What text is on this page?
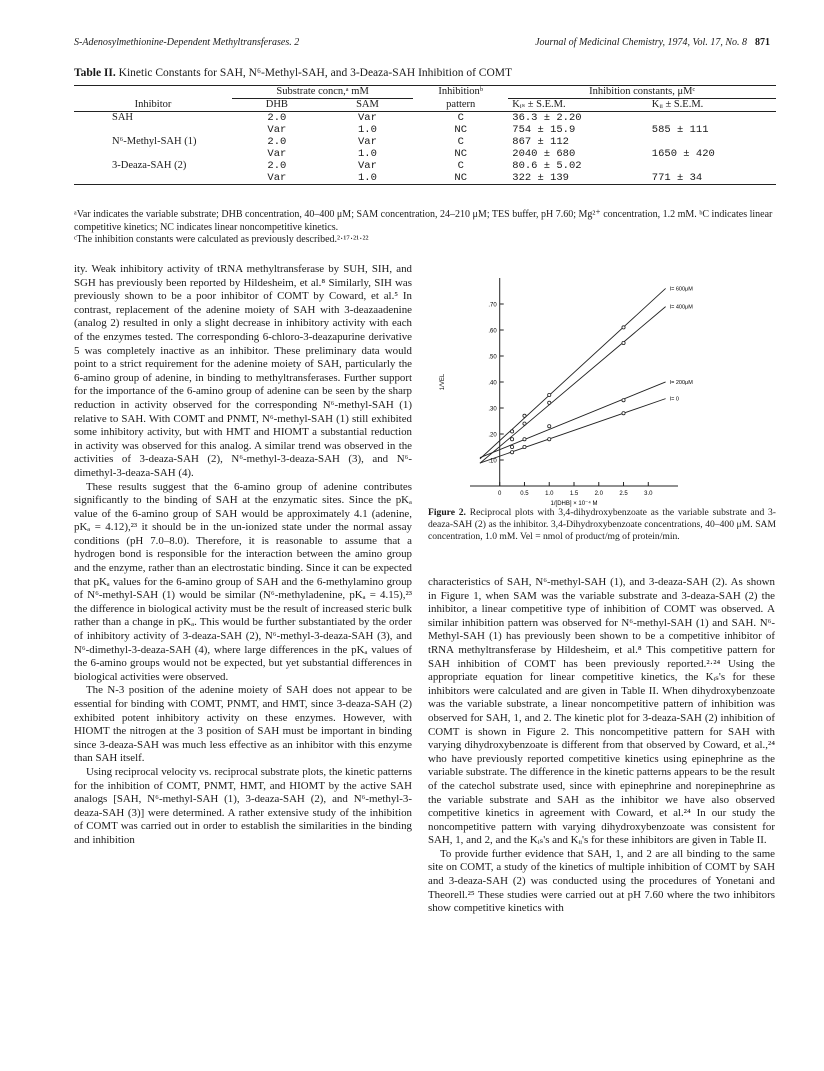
S-Adenosylmethionine-Dependent Methyltransferases. 2	Journal of Medicinal Chemistry, 1974, Vol. 17, No. 8 871
Table II. Kinetic Constants for SAH, N⁶-Methyl-SAH, and 3-Deaza-SAH Inhibition of COMT
	Substrate concn,ᵃ mM		Inhibitionᵇ	Inhibition constants, μMᶜ	
Inhibitor	DHB	SAM	pattern	Kᵢₛ ± S.E.M.	Kᵢᵢ ± S.E.M.
SAH	2.0	Var	C	36.3 ± 2.20	
	Var	1.0	NC	754 ± 15.9	585 ± 111
N⁶-Methyl-SAH (1)	2.0	Var	C	867 ± 112	
	Var	1.0	NC	2040 ± 680	1650 ± 420
3-Deaza-SAH (2)	2.0	Var	C	80.6 ± 5.02	
	Var	1.0	NC	322 ± 139	771 ± 34
ᵃVar indicates the variable substrate; DHB concentration, 40–400 μM; SAM concentration, 24–210 μM; TES buffer, pH 7.60; Mg²⁺ concentration, 1.2 mM. ᵇC indicates linear competitive kinetics; NC indicates linear noncompetitive kinetics.
ᶜThe inhibition constants were calculated as previously described.²·¹⁷·²¹·²²

ity. Weak inhibitory activity of tRNA methyltransferase by SUH, SIH, and SGH has previously been reported by Hildesheim, et al.⁸ Similarly, SIH was previously shown to be a poor inhibitor of COMT by Coward, et al.⁵ In contrast, replacement of the adenine moiety of SAH with 3-deazaadenine (analog 2) resulted in only a slight decrease in inhibitory activity with each of the enzymes tested. The corresponding 6-chloro-3-deazapurine derivative 5 was completely inactive as an inhibitor. These preliminary data would point to a strict requirement for the adenine moiety of SAH, particularly the 6-amino group of adenine, in binding to methyltransferases. Further support for the importance of the 6-amino group of adenine can be seen by the sharp reduction in activity observed for the corresponding N⁶-methyl-SAH (1) relative to SAH. With COMT and PNMT, N⁶-methyl-SAH (1) still exhibited some inhibitory activity, but with HMT and HIOMT a substantial reduction in activity was observed for this analog. A similar trend was observed in the activities of 3-deaza-SAH (2), N⁶-methyl-3-deaza-SAH (3), and N⁶-dimethyl-3-deaza-SAH (4).

These results suggest that the 6-amino group of adenine contributes significantly to the binding of SAH at the enzymatic sites. Since the pKₐ value of the 6-amino group of SAH would be approximately 4.1 (adenine, pKₐ = 4.12),²³ it should be in the un-ionized state under the normal assay conditions (pH 7.0–8.0). Therefore, it is reasonable to assume that a hydrogen bond is responsible for the interaction between the amino group and the enzyme, rather than an electrostatic binding. Since it can be expected that pKₐ values for the 6-amino group of SAH and the 6-methylamino group of N⁶-methyl-SAH (1) would be similar (N⁶-methyladenine, pKₐ = 4.15),²³ the difference in biological activity must be the result of increased steric bulk rather than a change in pKₐ. This would be further substantiated by the order of inhibitory activity of 3-deaza-SAH (2), N⁶-methyl-3-deaza-SAH (3), and N⁶-dimethyl-3-deaza-SAH (4), where large differences in the pKₐ values of the 6-amino groups would not be expected, but yet substantial differences in biological activities were observed.

The N-3 position of the adenine moiety of SAH does not appear to be essential for binding with COMT, PNMT, and HMT, since 3-deaza-SAH (2) exhibited potent inhibitory activity on these enzymes. However, with HIOMT the nitrogen at the 3 position of SAH must be important in binding since 3-deaza-SAH was much less effective as an inhibitor with this enzyme than SAH itself.

Using reciprocal velocity vs. reciprocal substrate plots, the kinetic patterns for the inhibition of COMT, PNMT, HMT, and HIOMT by the active SAH analogs [SAH, N⁶-methyl-SAH (1), 3-deaza-SAH (2), and N⁶-methyl-3-deaza-SAH (3)] were determined. A rather extensive study of the inhibition of COMT was carried out in order to establish the similarities in the binding and inhibition

.10
.20
.30
.40
.50
.60
.70
0	0.5	1.0	1.5	2.0	2.5	3.0
1/VEL
1/[DHB] × 10⁻⁴ M
I= 600μM
I= 400μM
I= 200μM
I= 0
Figure 2. Reciprocal plots with 3,4-dihydroxybenzoate as the variable substrate and 3-deaza-SAH (2) as the inhibitor. 3,4-Dihydroxybenzoate concentrations, 40–400 μM. SAM concentration, 1.0 mM. Vel = nmol of product/mg of protein/min.

characteristics of SAH, N⁶-methyl-SAH (1), and 3-deaza-SAH (2). As shown in Figure 1, when SAM was the variable substrate and 3-deaza-SAH (2) the inhibitor, a linear competitive type of inhibition of COMT was observed. A similar inhibition pattern was observed for N⁶-methyl-SAH (1) and SAH. N⁶-Methyl-SAH (1) has previously been shown to be a competitive inhibitor of tRNA methyltransferase by Hildesheim, et al.⁸ This competitive pattern for SAH inhibition of COMT has been previously reported.²·²⁴ Using the appropriate equation for linear competitive kinetics, the Kᵢₛ's for these inhibitors were calculated and are given in Table II. When dihydroxybenzoate was the variable substrate, a linear noncompetitive pattern of inhibition was observed for SAH, 1, and 2. The kinetic plot for 3-deaza-SAH (2) inhibition of COMT is shown in Figure 2. This noncompetitive pattern for SAH with varying dihydroxybenzoate is different from that observed by Coward, et al.,²⁴ who have previously reported competitive kinetics using epinephrine as the variable substrate. The difference in the kinetic patterns appears to be the result of the catechol substrate used, since with epinephrine and norepinephrine as the variable substrate and SAH as the inhibitor we have also observed competitive kinetics in agreement with Coward, et al.²⁴ In our study the noncompetitive pattern with varying dihydroxybenzoate was consistent for SAH, 1, and 2, and the Kᵢₛ's and Kᵢᵢ's for these inhibitors are given in Table II.

To provide further evidence that SAH, 1, and 2 are all binding to the same site on COMT, a study of the kinetics of multiple inhibition of COMT by SAH and 3-deaza-SAH (2) was conducted using the procedures of Yonetani and Theorell.²⁵ These studies were carried out at pH 7.60 where the two inhibitors show competitive kinetics with
